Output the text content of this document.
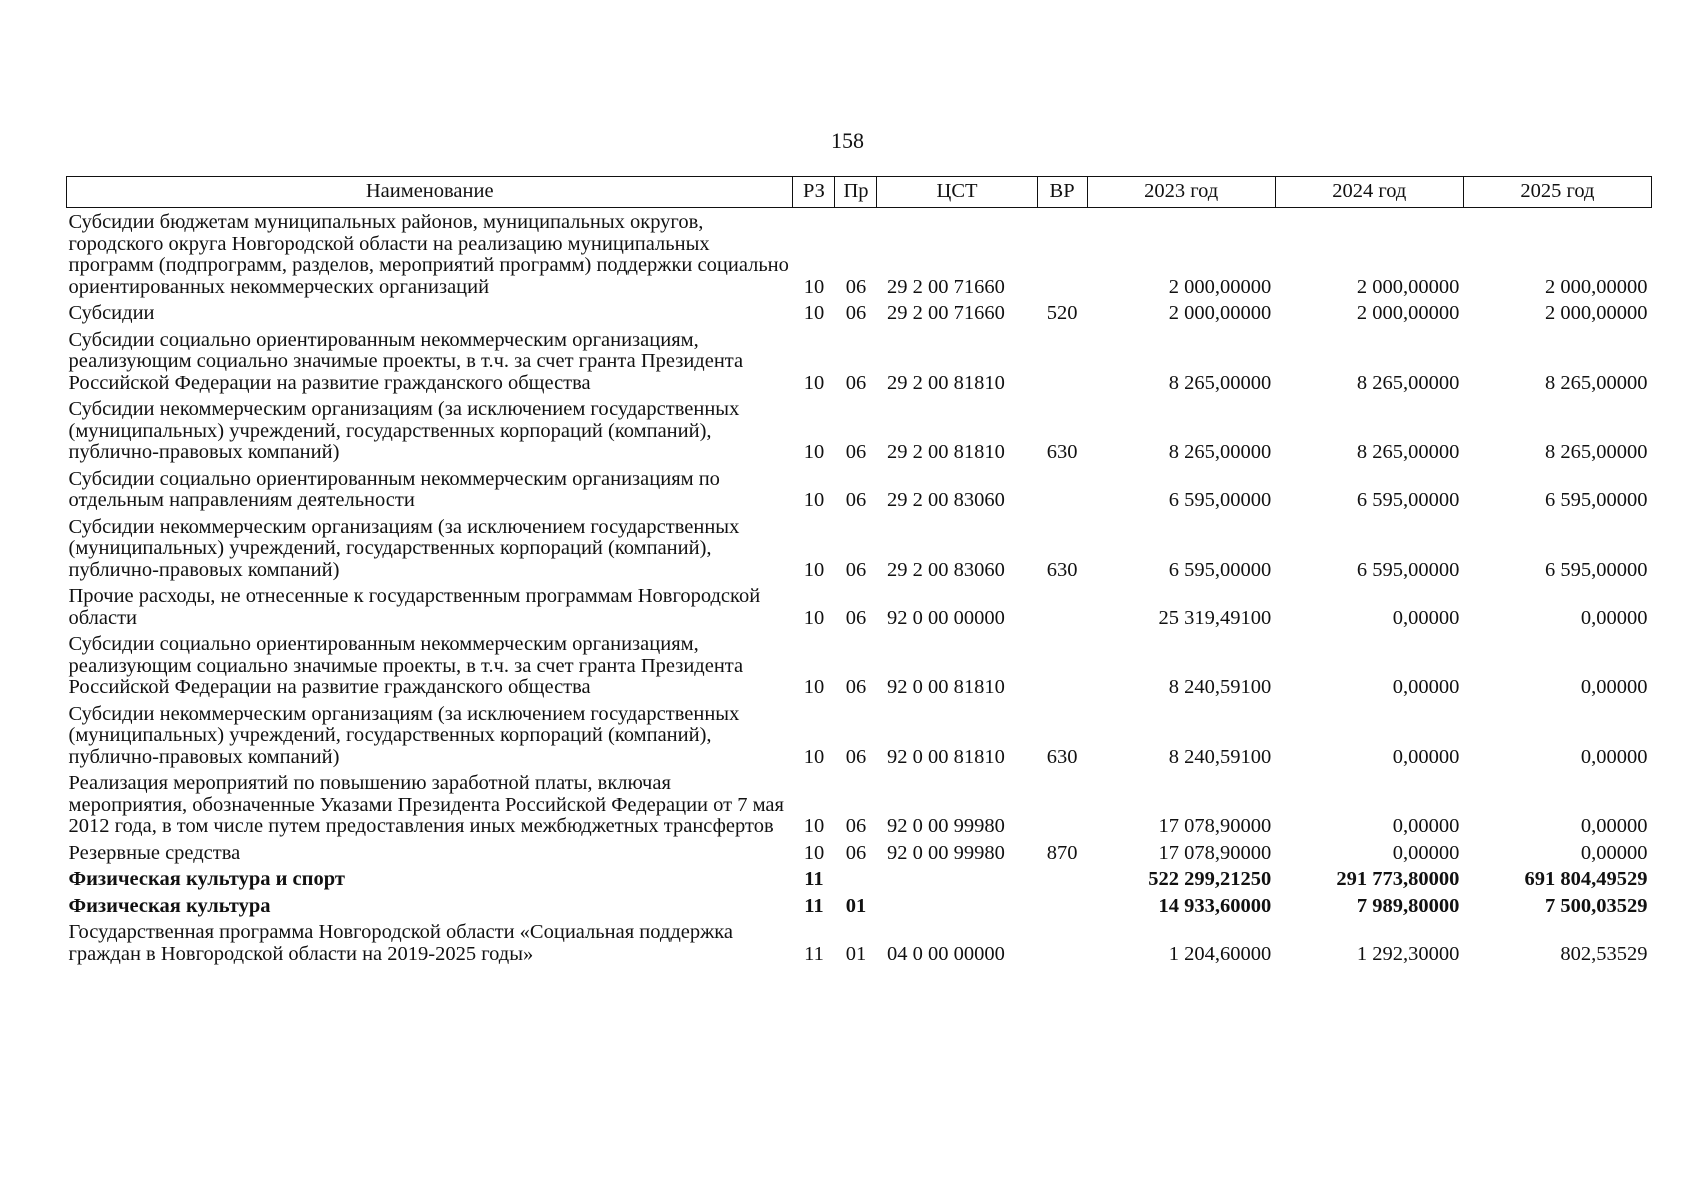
158
Наименование	РЗ	Пр	ЦСТ	ВР	2023 год	2024 год	2025 год
Субсидии бюджетам муниципальных районов, муниципальных округов, городского округа Новгородской области на реализацию муниципальных программ (подпрограмм, разделов, мероприятий программ) поддержки социально ориентированных некоммерческих организаций	10	06	29 2 00 71660		2 000,00000	2 000,00000	2 000,00000
Субсидии	10	06	29 2 00 71660	520	2 000,00000	2 000,00000	2 000,00000
Субсидии социально ориентированным некоммерческим организациям, реализующим социально значимые проекты, в т.ч. за счет гранта Президента Российской Федерации на развитие гражданского общества	10	06	29 2 00 81810		8 265,00000	8 265,00000	8 265,00000
Субсидии некоммерческим организациям (за исключением государственных (муниципальных) учреждений, государственных корпораций (компаний), публично-правовых компаний)	10	06	29 2 00 81810	630	8 265,00000	8 265,00000	8 265,00000
Субсидии социально ориентированным некоммерческим организациям по отдельным направлениям деятельности	10	06	29 2 00 83060		6 595,00000	6 595,00000	6 595,00000
Субсидии некоммерческим организациям (за исключением государственных (муниципальных) учреждений, государственных корпораций (компаний), публично-правовых компаний)	10	06	29 2 00 83060	630	6 595,00000	6 595,00000	6 595,00000
Прочие расходы, не отнесенные к государственным программам Новгородской области	10	06	92 0 00 00000		25 319,49100	0,00000	0,00000
Субсидии социально ориентированным некоммерческим организациям, реализующим социально значимые проекты, в т.ч. за счет гранта Президента Российской Федерации на развитие гражданского общества	10	06	92 0 00 81810		8 240,59100	0,00000	0,00000
Субсидии некоммерческим организациям (за исключением государственных (муниципальных) учреждений, государственных корпораций (компаний), публично-правовых компаний)	10	06	92 0 00 81810	630	8 240,59100	0,00000	0,00000
Реализация мероприятий по повышению заработной платы, включая мероприятия, обозначенные Указами Президента Российской Федерации от 7 мая 2012 года, в том числе путем предоставления иных межбюджетных трансфертов	10	06	92 0 00 99980		17 078,90000	0,00000	0,00000
Резервные средства	10	06	92 0 00 99980	870	17 078,90000	0,00000	0,00000
Физическая культура и спорт	11				522 299,21250	291 773,80000	691 804,49529
Физическая культура	11	01			14 933,60000	7 989,80000	7 500,03529
Государственная программа Новгородской области «Социальная поддержка граждан в Новгородской области на 2019-2025 годы»	11	01	04 0 00 00000		1 204,60000	1 292,30000	802,53529
